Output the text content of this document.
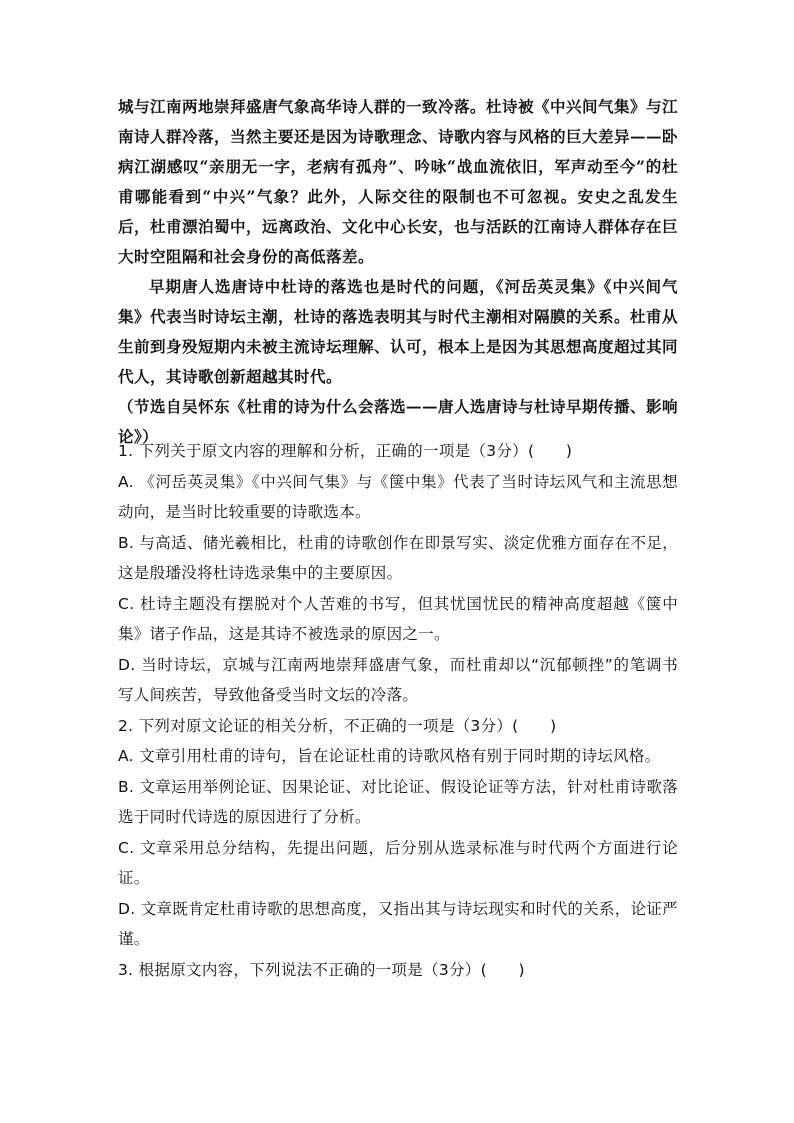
城与江南两地崇拜盛唐气象高华诗人群的一致冷落。杜诗被《中兴间气集》与江南诗人群冷落，当然主要还是因为诗歌理念、诗歌内容与风格的巨大差异——卧病江湖感叹“亲朋无一字，老病有孤舟”、吟咏“战血流依旧，军声动至今”的杜甫哪能看到“中兴”气象？此外，人际交往的限制也不可忽视。安史之乱发生后，杜甫漂泊蜀中，远离政治、文化中心长安，也与活跃的江南诗人群体存在巨大时空阻隔和社会身份的高低落差。

早期唐人选唐诗中杜诗的落选也是时代的问题，《河岳英灵集》《中兴间气集》代表当时诗坛主潮，杜诗的落选表明其与时代主潮相对隔膜的关系。杜甫从生前到身殁短期内未被主流诗坛理解、认可，根本上是因为其思想高度超过其同代人，其诗歌创新超越其时代。

（节选自吴怀东《杜甫的诗为什么会落选——唐人选唐诗与杜诗早期传播、影响论》）

1. 下列关于原文内容的理解和分析，正确的一项是（3分）(　　)

A. 《河岳英灵集》《中兴间气集》与《箧中集》代表了当时诗坛风气和主流思想动向，是当时比较重要的诗歌选本。

B. 与高适、储光羲相比，杜甫的诗歌创作在即景写实、淡定优雅方面存在不足，这是殷璠没将杜诗选录集中的主要原因。

C. 杜诗主题没有摆脱对个人苦难的书写，但其忧国忧民的精神高度超越《箧中集》诸子作品，这是其诗不被选录的原因之一。

D. 当时诗坛，京城与江南两地崇拜盛唐气象，而杜甫却以“沉郁顿挫”的笔调书写人间疾苦，导致他备受当时文坛的冷落。

2. 下列对原文论证的相关分析，不正确的一项是（3分）(　　)

A. 文章引用杜甫的诗句，旨在论证杜甫的诗歌风格有别于同时期的诗坛风格。

B. 文章运用举例论证、因果论证、对比论证、假设论证等方法，针对杜甫诗歌落选于同时代诗选的原因进行了分析。

C. 文章采用总分结构，先提出问题，后分别从选录标准与时代两个方面进行论证。

D. 文章既肯定杜甫诗歌的思想高度，又指出其与诗坛现实和时代的关系，论证严谨。

3. 根据原文内容，下列说法不正确的一项是（3分）(　　)
